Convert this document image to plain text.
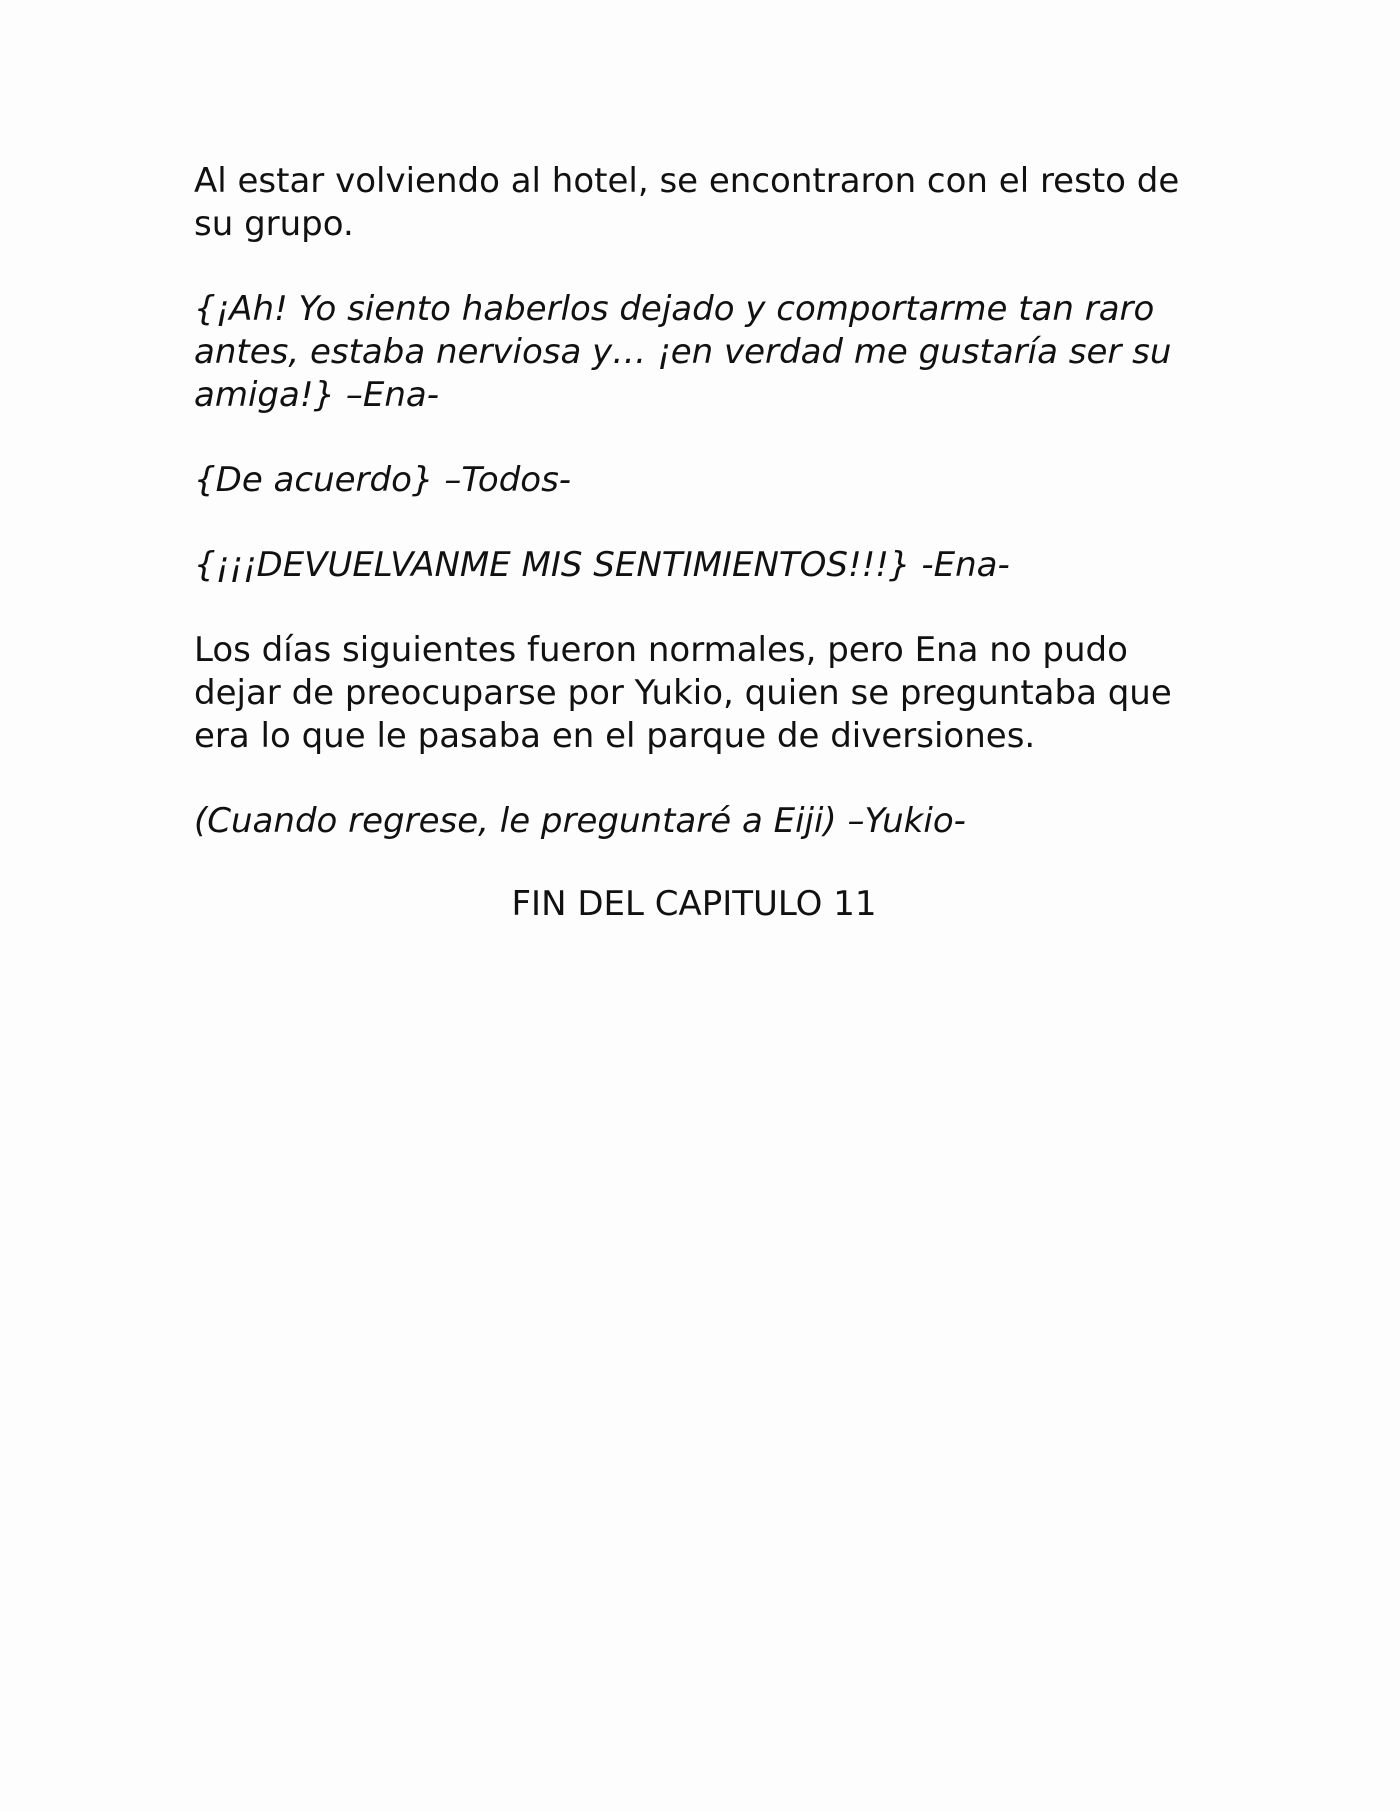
Al estar volviendo al hotel, se encontraron con el resto de su grupo.

{¡Ah! Yo siento haberlos dejado y comportarme tan raro antes, estaba nerviosa y… ¡en verdad me gustaría ser su amiga!} –Ena-

{De acuerdo} –Todos-

{¡¡¡DEVUELVANME MIS SENTIMIENTOS!!!} -Ena-

Los días siguientes fueron normales, pero Ena no pudo dejar de preocuparse por Yukio, quien se preguntaba que era lo que le pasaba en el parque de diversiones.

(Cuando regrese, le preguntaré a Eiji) –Yukio-

FIN DEL CAPITULO 11
